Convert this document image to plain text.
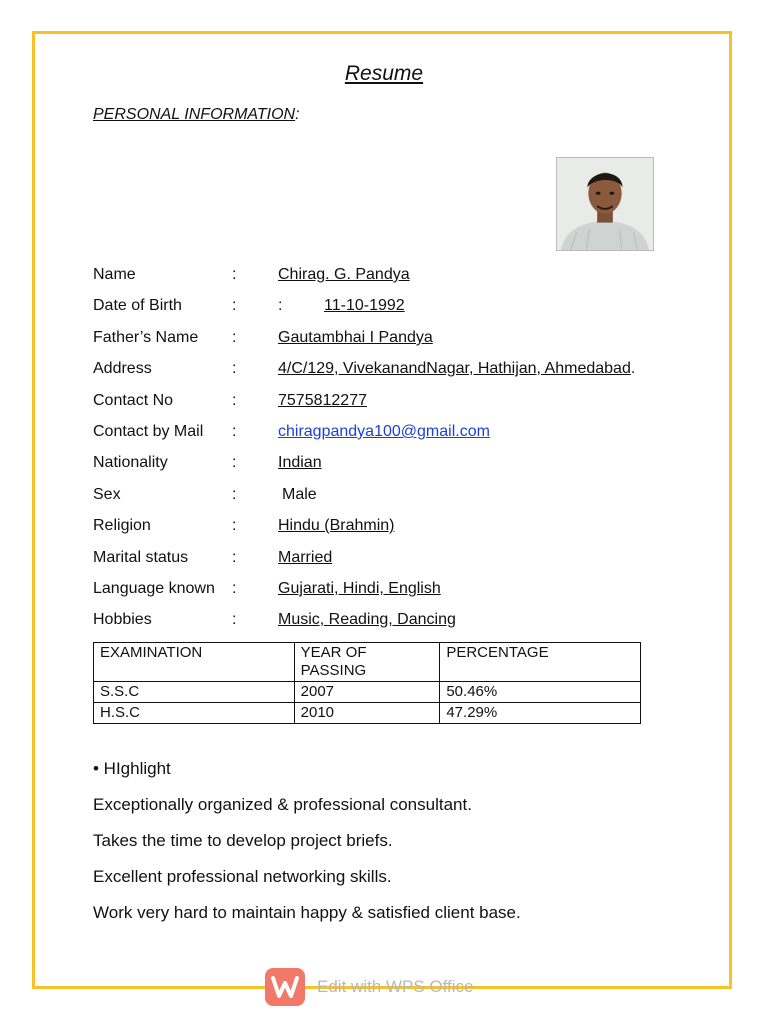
Resume
PERSONAL INFORMATION:
Name	:	Chirag. G. Pandya
Date of Birth	:	:	11-10-1992
Father’s Name :	Gautambhai I Pandya
Address	:	4/C/129, VivekanandNagar, Hathijan, Ahmedabad.
Contact No	:	7575812277
Contact by Mail :	chiragpandya100@gmail.com
Nationality	:	Indian
Sex	:	Male
Religion	:	Hindu (Brahmin)
Marital status	:	Married
Language known :	Gujarati, Hindi, English
Hobbies	:	Music, Reading, Dancing
EXAMINATION	YEAR OF PASSING	PERCENTAGE
S.S.C	2007	50.46%
H.S.C	2010	47.29%
• HIghlight
Exceptionally organized & professional consultant.
Takes the time to develop project briefs.
Excellent professional networking skills.
Work very hard to maintain happy & satisfied client base.
Edit with WPS Office
